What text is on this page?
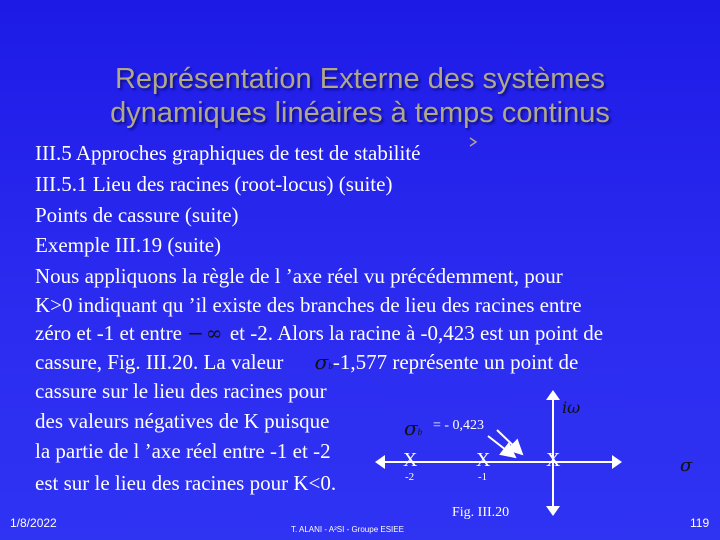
Représentation Externe des systèmes
dynamiques linéaires à temps continus
III.5 Approches graphiques de test de stabilité
III.5.1 Lieu des racines (root-locus) (suite)
Points de cassure (suite)
Exemple III.19 (suite)
Nous appliquons la règle de l ’axe réel vu précédemment, pour
K>0 indiquant qu ’il existe des branches de lieu des racines entre
zéro et -1 et entre −∞ et -2. Alors la racine à -0,423 est un point de
cassure, Fig. III.20. La valeur σb-1,577 représente un point de
cassure sur le lieu des racines pour
des valeurs négatives de K puisque
la partie de l ’axe réel entre -1 et -2
est sur le lieu des racines pour K<0.
σb = - 0,423
iω
σ
X	X	X
-2	-1
Fig. III.20
1/8/2022	T. ALANI - A²SI - Groupe ESIEE	119
